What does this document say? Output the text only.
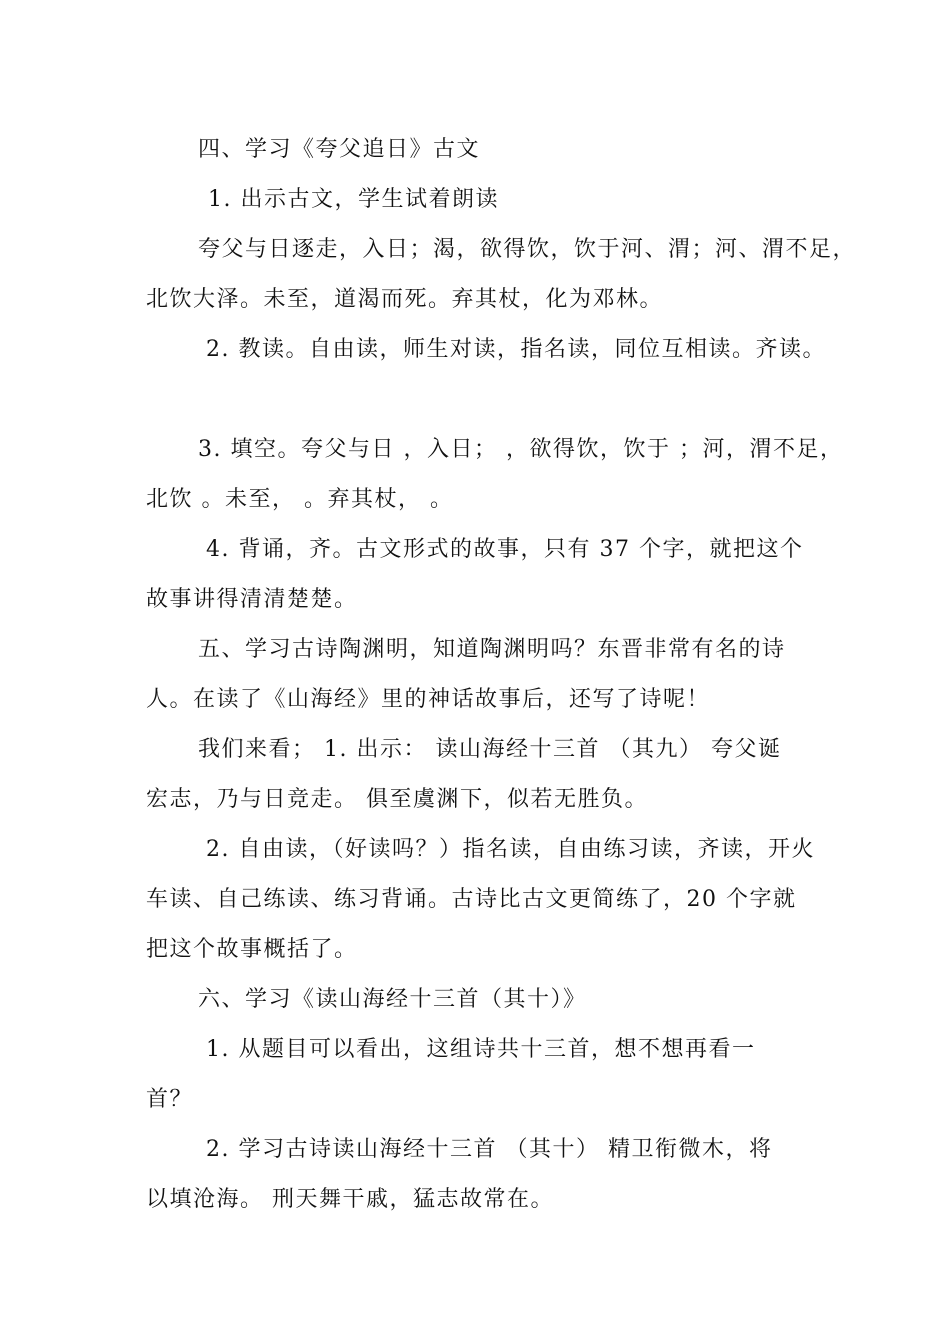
四、学习《夸父追日》古文
1. 出示古文，学生试着朗读
夸父与日逐走，入日；渴，欲得饮，饮于河、渭；河、渭不足，
北饮大泽。未至，道渴而死。弃其杖，化为邓林。
2. 教读。自由读，师生对读，指名读，同位互相读。齐读。
3. 填空。夸父与日 ，入日； ，欲得饮，饮于 ；河，渭不足，
北饮 。未至， 。弃其杖， 。
4. 背诵，齐。古文形式的故事，只有 37 个字，就把这个
故事讲得清清楚楚。
五、学习古诗陶渊明，知道陶渊明吗？东晋非常有名的诗
人。在读了《山海经》里的神话故事后，还写了诗呢！
我们来看； 1. 出示： 读山海经十三首 （其九） 夸父诞
宏志，乃与日竞走。 俱至虞渊下，似若无胜负。
2. 自由读，（好读吗？）指名读，自由练习读，齐读，开火
车读、自己练读、练习背诵。古诗比古文更简练了，20 个字就
把这个故事概括了。
六、学习《读山海经十三首（其十）》
1. 从题目可以看出，这组诗共十三首，想不想再看一
首？
2. 学习古诗读山海经十三首 （其十） 精卫衔微木，将
以填沧海。 刑天舞干戚，猛志故常在。
